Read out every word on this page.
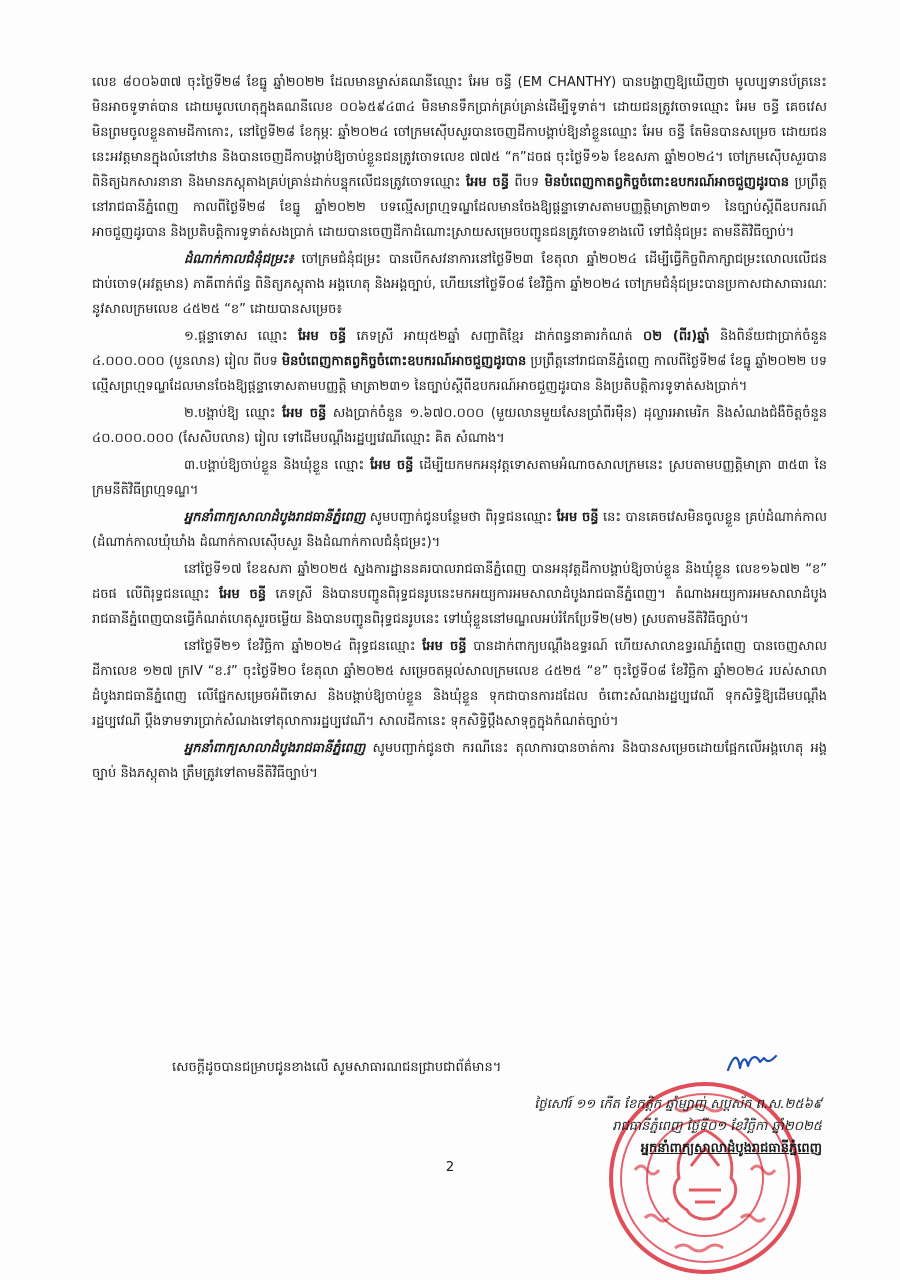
លេខ ៨០០៦៣៧ ចុះថ្ងៃទី២៨ ខែធ្នូ ឆ្នាំ២០២២ ដែលមានម្ចាស់គណនីឈ្មោះ អែម ចន្ធី (EM CHANTHY) បានបង្ហាញឱ្យឃើញថា មូលប្បទានប័ត្រនេះ មិនអាចទូទាត់បាន ដោយមូលហេតុក្នុងគណនីលេខ ០០៦៥៩៤៣៤ មិនមានទឹកប្រាក់គ្រប់គ្រាន់ដើម្បីទូទាត់។ ដោយជនត្រូវចោទឈ្មោះ អែម ចន្ធី គេចវេសមិនព្រមចូលខ្លួនតាមដីកាកោះ, នៅថ្ងៃទី២៨ ខែកុម្ភៈ ឆ្នាំ២០២៤ ចៅក្រមស៊ើបសួរបានចេញដីកាបង្គាប់ឱ្យនាំខ្លួនឈ្មោះ អែម ចន្ធី តែមិនបានសម្រេច ដោយជននេះអវត្តមានក្នុងលំនៅឋាន និងបានចេញដីកាបង្គាប់ឱ្យចាប់ខ្លួនជនត្រូវចោទលេខ ៧៧៥ “ក”ដចផ ចុះថ្ងៃទី១៦ ខែឧសភា ឆ្នាំ២០២៤។ ចៅក្រមស៊ើបសួរបានពិនិត្យឯកសារនានា និងមានភស្តុតាងគ្រប់គ្រាន់ដាក់បន្ទុកលើជនត្រូវចោទឈ្មោះ អែម ចន្ធី ពីបទ មិនបំពេញកាតព្វកិច្ចចំពោះឧបករណ៍អាចជួញដូរបាន ប្រព្រឹត្តនៅរាជធានីភ្នំពេញ កាលពីថ្ងៃទី២៨ ខែធ្នូ ឆ្នាំ២០២២ បទល្មើសព្រហ្មទណ្ឌដែលមានចែងឱ្យផ្តន្ទាទោសតាមបញ្ញត្តិមាត្រា២៣១ នៃច្បាប់ស្តីពីឧបករណ៍អាចជួញដូរបាន និងប្រតិបត្តិការទូទាត់សងប្រាក់ ដោយបានចេញដីកាដំណោះស្រាយសម្រេចបញ្ជូនជនត្រូវចោទខាងលើ ទៅជំនុំជម្រះ តាមនីតិវិធីច្បាប់។

ដំណាក់កាលជំនុំជម្រះ៖ ចៅក្រមជំនុំជម្រះ បានបើកសវនាការនៅថ្ងៃទី២៣ ខែតុលា ឆ្នាំ២០២៤ ដើម្បីធ្វើកិច្ចពិភាក្សាជម្រះលោលលើជនជាប់ចោទ(អវត្តមាន) ភាគីពាក់ព័ន្ធ ពិនិត្យភស្តុតាង អង្គហេតុ និងអង្គច្បាប់, ហើយនៅថ្ងៃទី០៨ ខែវិច្ឆិកា ឆ្នាំ២០២៤ ចៅក្រមជំនុំជម្រះបានប្រកាសជាសាធារណៈនូវសាលក្រមលេខ ៤៥២៥ “ខ” ដោយបានសម្រេច៖

១.ផ្តន្ទាទោស ឈ្មោះ អែម ចន្ធី ភេទស្រី អាយុ៥២ឆ្នាំ សញ្ជាតិខ្មែរ ដាក់ពន្ធនាគារកំណត់ ០២ (ពីរ)ឆ្នាំ និងពិន័យជាប្រាក់ចំនួន ៤.០០០.០០០ (បួនលាន) រៀល ពីបទ មិនបំពេញកាតព្វកិច្ចចំពោះឧបករណ៍អាចជួញដូរបាន ប្រព្រឹត្តនៅរាជធានីភ្នំពេញ កាលពីថ្ងៃទី២៨ ខែធ្នូ ឆ្នាំ២០២២ បទល្មើសព្រហ្មទណ្ឌដែលមានចែងឱ្យផ្តន្ទាទោសតាមបញ្ញត្តិ មាត្រា២៣១ នៃច្បាប់ស្តីពីឧបករណ៍អាចជួញដូរបាន និងប្រតិបត្តិការទូទាត់សងប្រាក់។

២.បង្គាប់ឱ្យ ឈ្មោះ អែម ចន្ធី សងប្រាក់ចំនួន ១.៦៧០.០០០ (មួយលានមួយសែនប្រាំពីរម៉ឺន) ដុល្លារអាមេរិក និងសំណងជំងឺចិត្តចំនួន ៤០.០០០.០០០ (សែសិបលាន) រៀល ទៅដើមបណ្តឹងរដ្ឋប្បវេណីឈ្មោះ គិត សំណាង។

៣.បង្គាប់ឱ្យចាប់ខ្លួន និងឃុំខ្លួន ឈ្មោះ អែម ចន្ធី ដើម្បីយកមកអនុវត្តទោសតាមអំណាចសាលក្រមនេះ ស្របតាមបញ្ញត្តិមាត្រា ៣៥៣ នៃក្រមនីតិវិធីព្រហ្មទណ្ឌ។

អ្នកនាំពាក្យសាលាដំបូងរាជធានីភ្នំពេញ សូមបញ្ជាក់ជូនបន្ថែមថា ពិរុទ្ធជនឈ្មោះ អែម ចន្ធី នេះ បានគេចវេសមិនចូលខ្លួន គ្រប់ដំណាក់កាល (ដំណាក់កាលឃុំឃាំង ដំណាក់កាលស៊ើបសួរ និងដំណាក់កាលជំនុំជម្រះ)។

នៅថ្ងៃទី១៧ ខែឧសភា ឆ្នាំ២០២៥ ស្នងការដ្ឋាននគរបាលរាជធានីភ្នំពេញ បានអនុវត្តដីកាបង្គាប់ឱ្យចាប់ខ្លួន និងឃុំខ្លួន លេខ១៦៧២ “ខ” ដចផ លើពិរុទ្ធជនឈ្មោះ អែម ចន្ធី ភេទស្រី និងបានបញ្ជូនពិរុទ្ធជនរូបនេះមកអយ្យការអមសាលាដំបូងរាជធានីភ្នំពេញ។ តំណាងអយ្យការអមសាលាដំបូងរាជធានីភ្នំពេញបានធ្វើកំណត់ហេតុសួរចម្លើយ និងបានបញ្ជូនពិរុទ្ធជនរូបនេះ ទៅឃុំខ្លួននៅមណ្ឌលអប់រំកែប្រែទី២(ម២) ស្របតាមនីតិវិធីច្បាប់។

នៅថ្ងៃទី២១ ខែវិច្ឆិកា ឆ្នាំ២០២៤ ពិរុទ្ធជនឈ្មោះ អែម ចន្ធី បានដាក់ពាក្យបណ្តឹងឧទ្ធរណ៍ ហើយសាលាឧទ្ធរណ៍ភ្នំពេញ បានចេញសាលដីកាលេខ ១២៧ ក្រIV “ខ.វ” ចុះថ្ងៃទី២០ ខែតុលា ឆ្នាំ២០២៥ សម្រេចតម្កល់សាលក្រមលេខ ៤៥២៥ “ខ” ចុះថ្ងៃទី០៨ ខែវិច្ឆិកា ឆ្នាំ២០២៤ របស់សាលាដំបូងរាជធានីភ្នំពេញ លើផ្នែកសម្រេចអំពីទោស និងបង្គាប់ឱ្យចាប់ខ្លួន និងឃុំខ្លួន ទុកជាបានការដដែល ចំពោះសំណងរដ្ឋប្បវេណី ទុកសិទ្ធិឱ្យដើមបណ្តឹងរដ្ឋប្បវេណី ប្តឹងទាមទារប្រាក់សំណងទៅតុលាការរដ្ឋប្បវេណី។ សាលដីកានេះ ទុកសិទ្ធិប្តឹងសាទុក្ខក្នុងកំណត់ច្បាប់។

អ្នកនាំពាក្យសាលាដំបូងរាជធានីភ្នំពេញ សូមបញ្ជាក់ជូនថា ករណីនេះ តុលាការបានចាត់ការ និងបានសម្រេចដោយផ្អែកលើអង្គហេតុ អង្គច្បាប់ និងភស្តុតាង ត្រឹមត្រូវទៅតាមនីតិវិធីច្បាប់។

សេចក្តីដូចបានជម្រាបជូនខាងលើ សូមសាធារណជនជ្រាបជាព័ត៌មាន។
ថ្ងៃសៅរ៍ ១១ កើត ខែកត្តិក ឆ្នាំម្សាញ់ សប្តស័ក ព.ស.២៥៦៩
រាជធានីភ្នំពេញ ថ្ងៃទី០១ ខែវិច្ឆិកា ឆ្នាំ២០២៥
អ្នកនាំពាក្យសាលាដំបូងរាជធានីភ្នំពេញ
2
